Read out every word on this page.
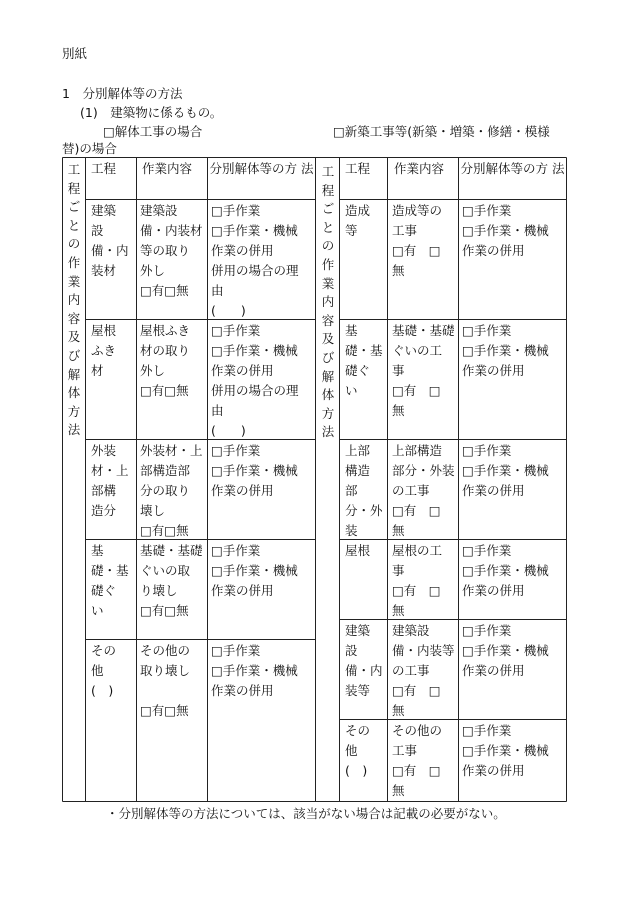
別紙
1　分別解体等の方法
(1)　建築物に係るもの。
□解体工事の場合	□新築工事等(新築・増築・修繕・模様
替)の場合
工程ごとの作業内容及び解体方法
工程ごとの作業内容及び解体方法
工程 作業内容 分別解体等の方 法	工程 作業内容 分別解体等の方 法
建築
設
備・内
装材
建築設
備・内装材
等の取り
外し
□有□無
□手作業
□手作業・機械
作業の併用
併用の場合の理
由
(　　)
屋根
ふき
材
屋根ふき
材の取り
外し
□有□無
□手作業
□手作業・機械
作業の併用
併用の場合の理
由
(　　)
外装
材・上
部構
造分
外装材・上
部構造部
分の取り
壊し
□有□無
□手作業
□手作業・機械
作業の併用
基
礎・基
礎ぐ
い
基礎・基礎
ぐいの取
り壊し
□有□無
□手作業
□手作業・機械
作業の併用
その
他
(　)
その他の
取り壊し

□有□無
□手作業
□手作業・機械
作業の併用
造成
等
造成等の
工事
□有　□
無
□手作業
□手作業・機械
作業の併用
基
礎・基
礎ぐ
い
基礎・基礎
ぐいの工
事
□有　□
無
□手作業
□手作業・機械
作業の併用
上部
構造
部
分・外
装
上部構造
部分・外装
の工事
□有　□
無
□手作業
□手作業・機械
作業の併用
屋根 屋根の工
事
□有　□
無
□手作業
□手作業・機械
作業の併用
建築
設
備・内
装等
建築設
備・内装等
の工事
□有　□
無
□手作業
□手作業・機械
作業の併用
その
他
(　)
その他の
工事
□有　□
無
□手作業
□手作業・機械
作業の併用
・分別解体等の方法については、該当がない場合は記載の必要がない。
